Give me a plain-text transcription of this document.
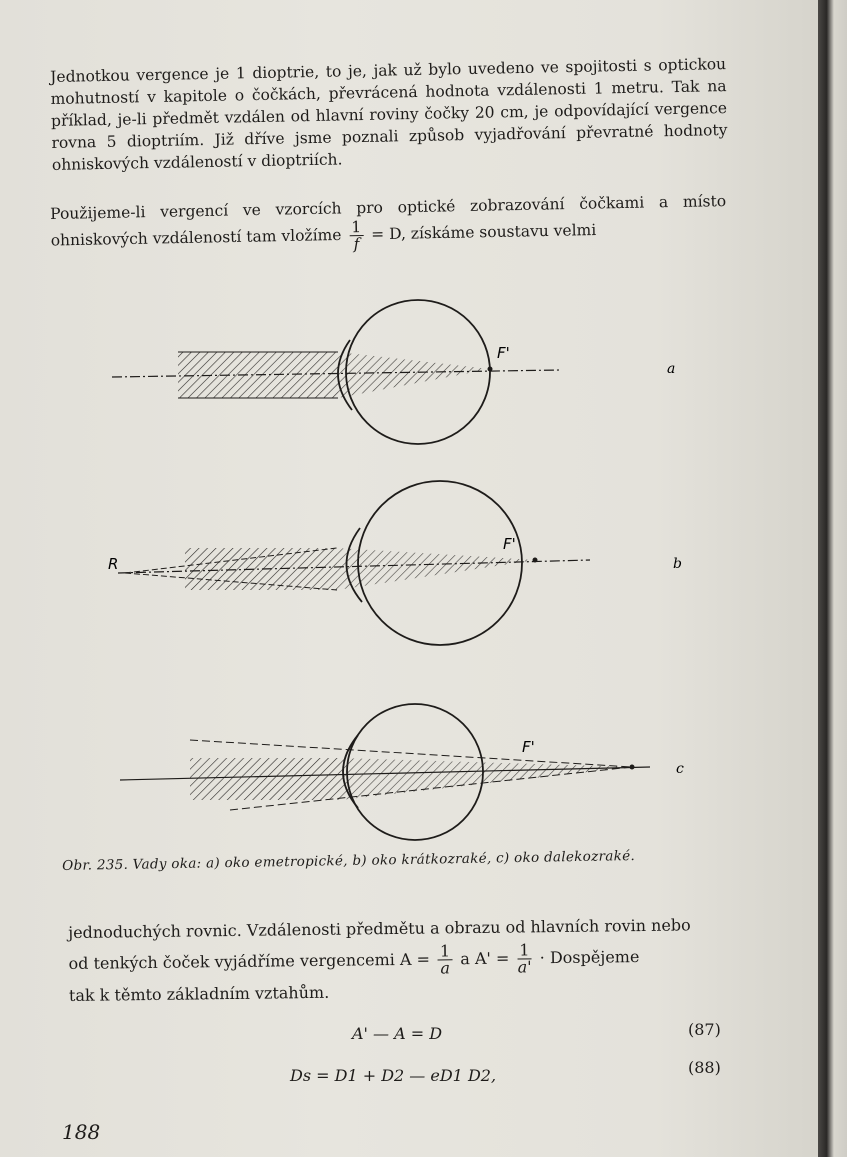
Jednotkou vergence je 1 dioptrie, to je, jak už bylo uvedeno ve spojitosti s optickou mohutností v kapitole o čočkách, převrácená hodnota vzdálenosti 1 metru. Tak na příklad, je-li předmět vzdálen od hlavní roviny čočky 20 cm, je odpovídající vergence rovna 5 dioptriím. Již dříve jsme poznali způsob vyjadřování převratné hodnoty ohniskových vzdáleností v dioptriích.

Použijeme-li vergencí ve vzorcích pro optické zobrazování čočkami a místo ohniskových vzdáleností tam vložíme $\frac{1}{f} = D$, získáme soustavu velmi

F'
F'
F'
R
a
b
c
Obr. 235. Vady oka: a) oko emetropické, b) oko krátkozraké, c) oko dalekozraké.
jednoduchých rovnic. Vzdálenosti předmětu a obrazu od hlavních rovin nebo
od tenkých čoček vyjádříme vergencemi $A = \frac{1}{a}$ a $A' = \frac{1}{a'}$ · Dospějeme
tak k těmto základním vztahům.
A' — A = D	(87)
Ds = D1 + D2 — eD1 D2,	(88)
188
